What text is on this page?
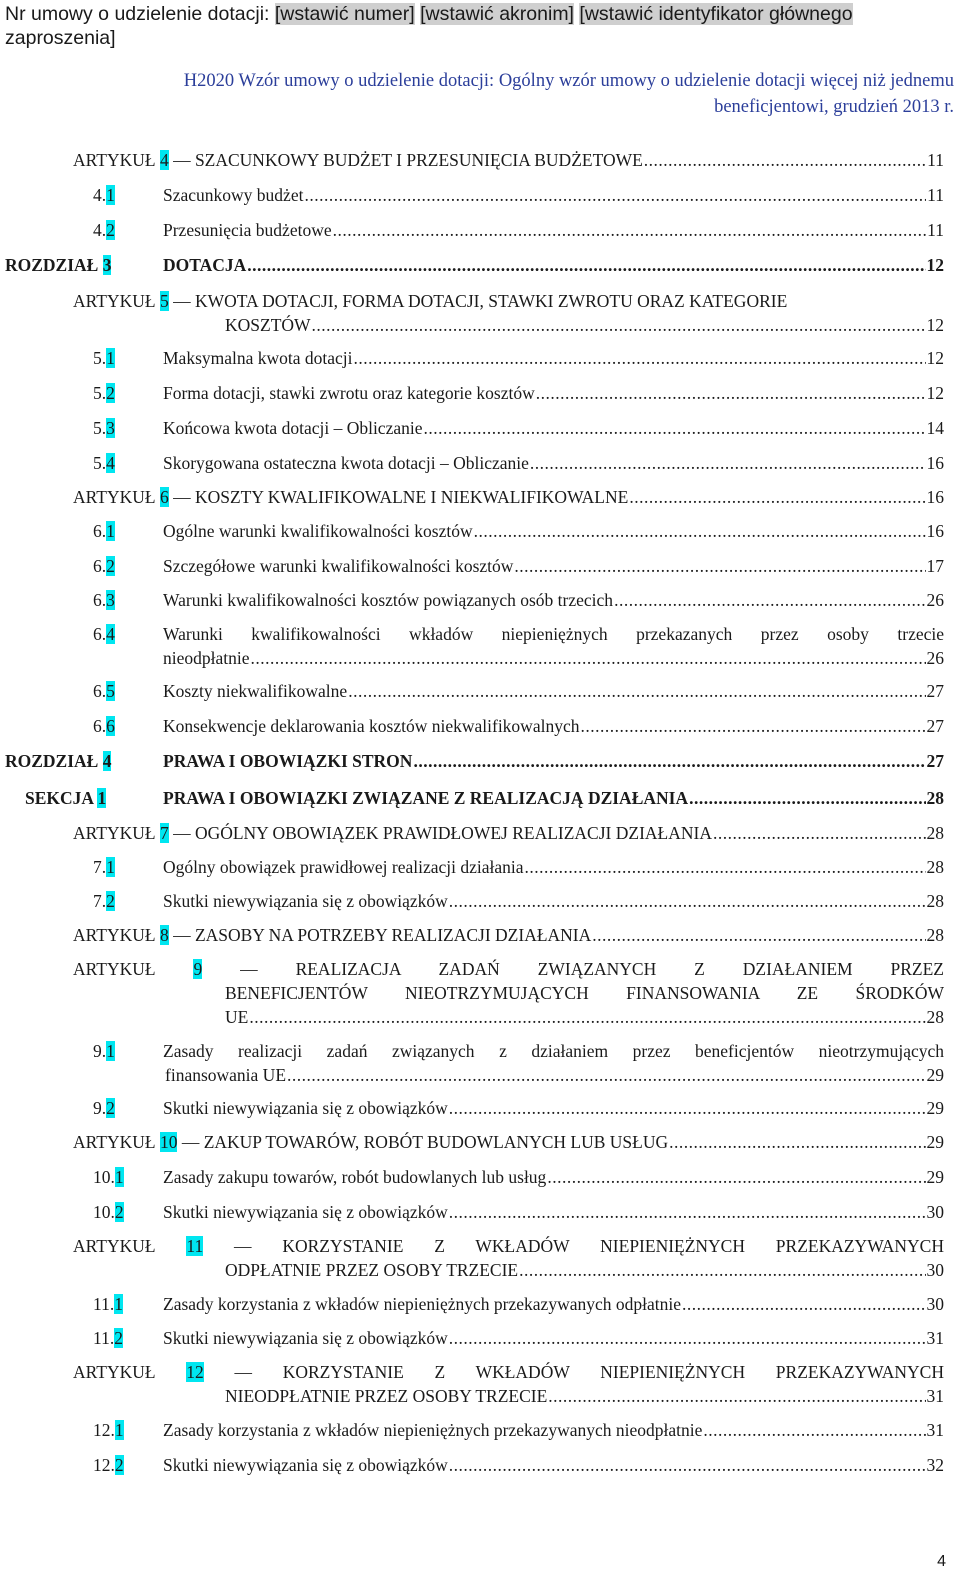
Nr umowy o udzielenie dotacji: [wstawić numer] [wstawić akronim] [wstawić identyfikator głównego
zaproszenia]
H2020 Wzór umowy o udzielenie dotacji: Ogólny wzór umowy o udzielenie dotacji więcej niż jednemu
beneficjentowi, grudzień 2013 r.
ARTYKUŁ 4 — SZACUNKOWY BUDŻET I PRZESUNIĘCIA BUDŻETOWE .....	11
4.1	Szacunkowy budżet .....	11
4.2	Przesunięcia budżetowe .....	11
ROZDZIAŁ 3	DOTACJA .....	12
ARTYKUŁ 5 — KWOTA DOTACJI, FORMA DOTACJI, STAWKI ZWROTU ORAZ KATEGORIE
KOSZTÓW .....	12
5.1	Maksymalna kwota dotacji .....	12
5.2	Forma dotacji, stawki zwrotu oraz kategorie kosztów .....	12
5.3	Końcowa kwota dotacji – Obliczanie .....	14
5.4	Skorygowana ostateczna kwota dotacji – Obliczanie .....	16
ARTYKUŁ 6 — KOSZTY KWALIFIKOWALNE I NIEKWALIFIKOWALNE .....	16
6.1	Ogólne warunki kwalifikowalności kosztów .....	16
6.2	Szczegółowe warunki kwalifikowalności kosztów .....	17
6.3	Warunki kwalifikowalności kosztów powiązanych osób trzecich .....	26
6.4	Warunki kwalifikowalności wkładów niepieniężnych przekazanych przez osoby trzecie
nieodpłatnie .....	26
6.5	Koszty niekwalifikowalne .....	27
6.6	Konsekwencje deklarowania kosztów niekwalifikowalnych .....	27
ROZDZIAŁ 4	PRAWA I OBOWIĄZKI STRON .....	27
SEKCJA 1	PRAWA I OBOWIĄZKI ZWIĄZANE Z REALIZACJĄ DZIAŁANIA .....	28
ARTYKUŁ 7 — OGÓLNY OBOWIĄZEK PRAWIDŁOWEJ REALIZACJI DZIAŁANIA .....	28
7.1	Ogólny obowiązek prawidłowej realizacji działania .....	28
7.2	Skutki niewywiązania się z obowiązków .....	28
ARTYKUŁ 8 — ZASOBY NA POTRZEBY REALIZACJI DZIAŁANIA .....	28
ARTYKUŁ 9 — REALIZACJA ZADAŃ ZWIĄZANYCH Z DZIAŁANIEM PRZEZ
BENEFICJENTÓW NIEOTRZYMUJĄCYCH FINANSOWANIA ZE ŚRODKÓW
UE .....	28
9.1	Zasady realizacji zadań związanych z działaniem przez beneficjentów nieotrzymujących
finansowania UE .....	29
9.2	Skutki niewywiązania się z obowiązków .....	29
ARTYKUŁ 10 — ZAKUP TOWARÓW, ROBÓT BUDOWLANYCH LUB USŁUG .....	29
10.1	Zasady zakupu towarów, robót budowlanych lub usług .....	29
10.2	Skutki niewywiązania się z obowiązków .....	30
ARTYKUŁ 11 — KORZYSTANIE Z WKŁADÓW NIEPIENIĘŻNYCH PRZEKAZYWANYCH
ODPŁATNIE PRZEZ OSOBY TRZECIE .....	30
11.1	Zasady korzystania z wkładów niepieniężnych przekazywanych odpłatnie .....	30
11.2	Skutki niewywiązania się z obowiązków .....	31
ARTYKUŁ 12 — KORZYSTANIE Z WKŁADÓW NIEPIENIĘŻNYCH PRZEKAZYWANYCH
NIEODPŁATNIE PRZEZ OSOBY TRZECIE .....	31
12.1	Zasady korzystania z wkładów niepieniężnych przekazywanych nieodpłatnie .....	31
12.2	Skutki niewywiązania się z obowiązków .....	32
4
